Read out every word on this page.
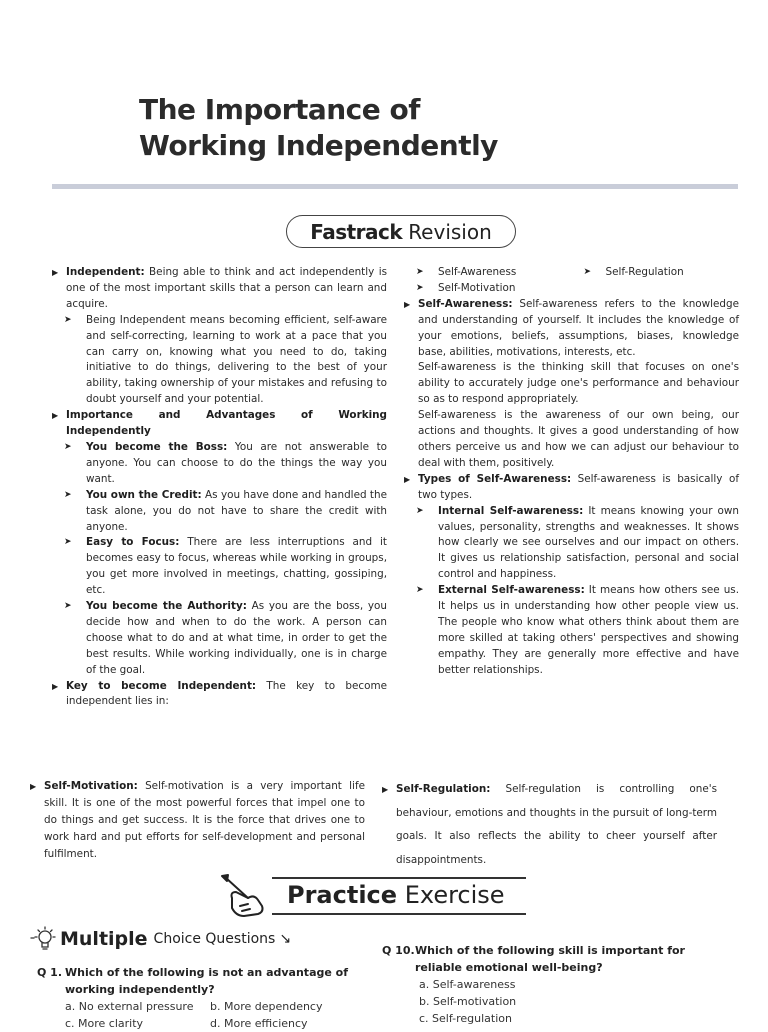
The Importance of
Working Independently
Fastrack Revision

▶ Independent: Being able to think and act independently is one of the most important skills that a person can learn and acquire.

➤ Being Independent means becoming efficient, self-aware and self-correcting, learning to work at a pace that you can carry on, knowing what you need to do, taking initiative to do things, delivering to the best of your ability, taking ownership of your mistakes and refusing to doubt yourself and your potential.

▶ Importance and Advantages of Working Independently

➤ You become the Boss: You are not answerable to anyone. You can choose to do the things the way you want.

➤ You own the Credit: As you have done and handled the task alone, you do not have to share the credit with anyone.

➤ Easy to Focus: There are less interruptions and it becomes easy to focus, whereas while working in groups, you get more involved in meetings, chatting, gossiping, etc.

➤ You become the Authority: As you are the boss, you decide how and when to do the work. A person can choose what to do and at what time, in order to get the best results. While working individually, one is in charge of the goal.

▶ Key to become Independent: The key to become independent lies in:

➤ Self-Awareness
➤	Self-Regulation

➤ Self-Motivation

▶ Self-Awareness: Self-awareness refers to the knowledge and understanding of yourself. It includes the knowledge of your emotions, beliefs, assumptions, biases, knowledge base, abilities, motivations, interests, etc.

Self-awareness is the thinking skill that focuses on one's ability to accurately judge one's performance and behaviour so as to respond appropriately.

Self-awareness is the awareness of our own being, our actions and thoughts. It gives a good understanding of how others perceive us and how we can adjust our behaviour to deal with them, positively.

▶ Types of Self-Awareness: Self-awareness is basically of two types.

➤ Internal Self-awareness: It means knowing your own values, personality, strengths and weaknesses. It shows how clearly we see ourselves and our impact on others. It gives us relationship satisfaction, personal and social control and happiness.

➤ External Self-awareness: It means how others see us. It helps us in understanding how other people view us. The people who know what others think about them are more skilled at taking others' perspectives and showing empathy. They are generally more effective and have better relationships.

▶ Self-Motivation: Self-motivation is a very important life skill. It is one of the most powerful forces that impel one to do things and get success. It is the force that drives one to work hard and put efforts for self-development and personal fulfilment.

▶ Self-Regulation: Self-regulation is controlling one's behaviour, emotions and thoughts in the pursuit of long-term goals. It also reflects the ability to cheer yourself after disappointments.

Practice Exercise
Multiple Choice Questions ↘
Q 1. Which of the following is not an advantage of working independently?
a. No external pressure	b. More dependency
c. More clarity	d. More efficiency
Q 10. Which of the following skill is important for reliable emotional well-being?
a. Self-awareness
b. Self-motivation
c. Self-regulation
